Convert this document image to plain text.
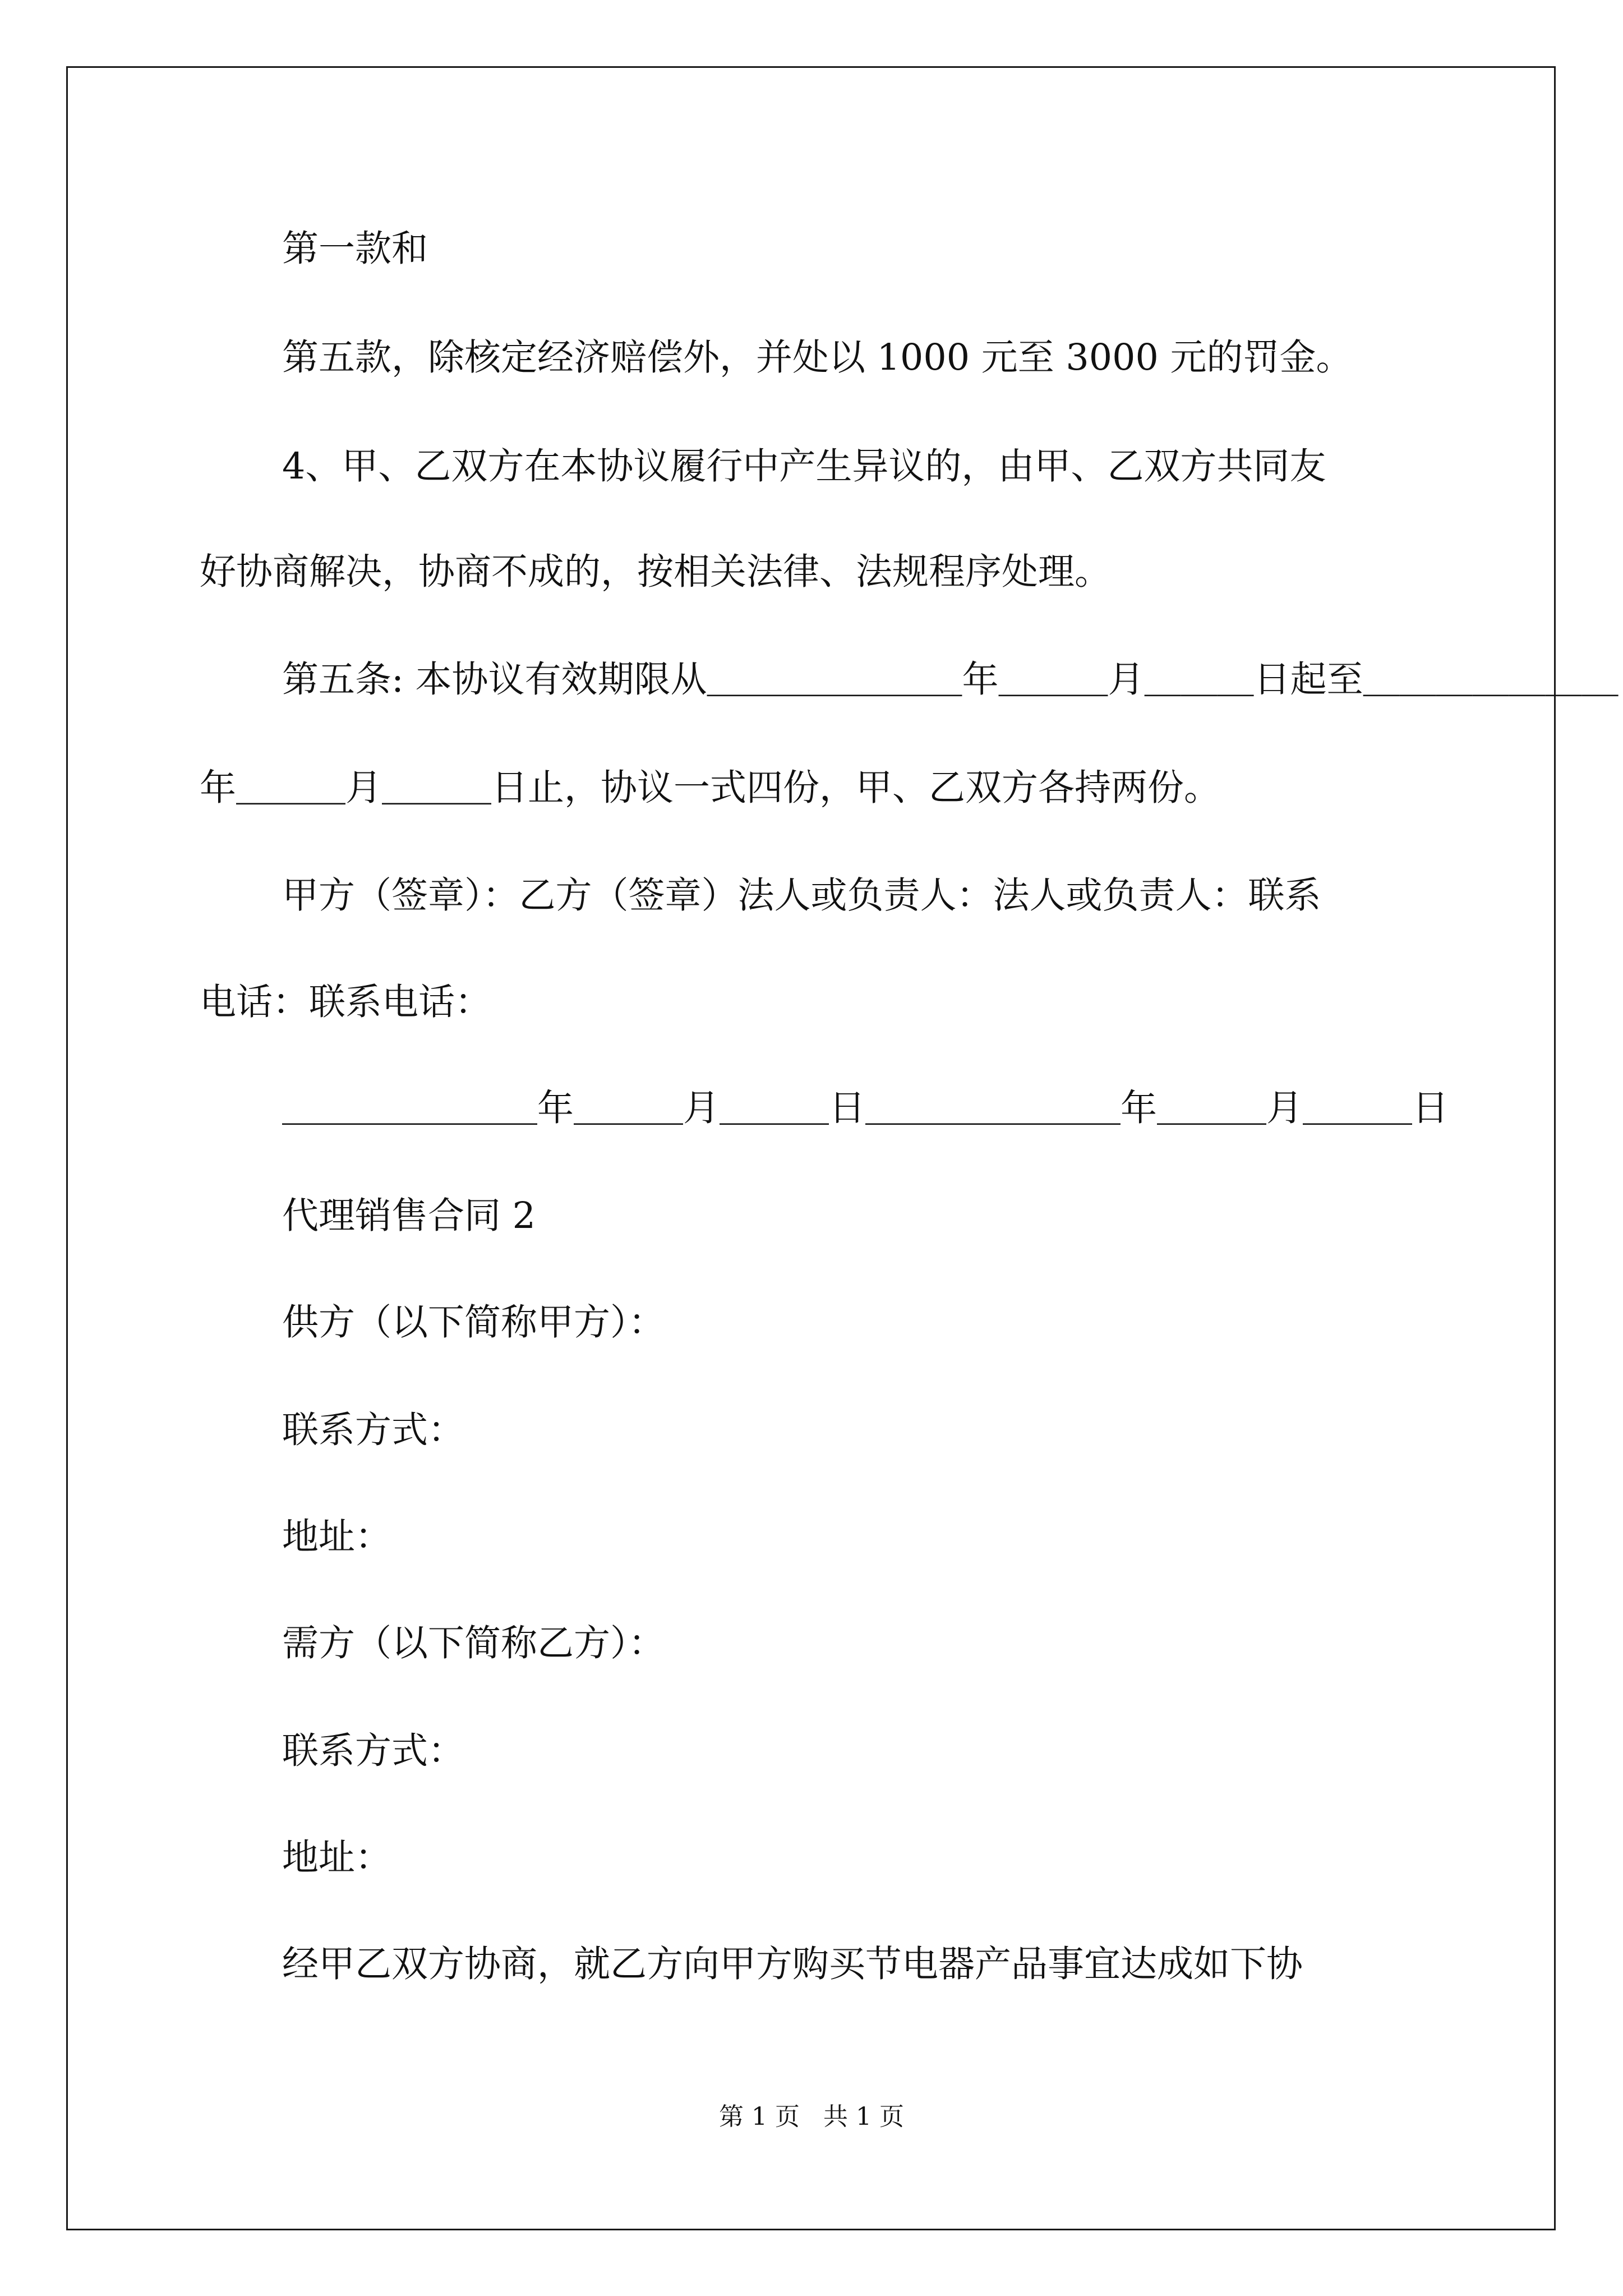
第一款和
第五款，除核定经济赔偿外，并处以 1000 元至 3000 元的罚金。
4、甲、乙双方在本协议履行中产生异议的，由甲、乙双方共同友
好协商解决，协商不成的，按相关法律、法规程序处理。
第五条: 本协议有效期限从＿＿＿＿＿＿＿年＿＿＿月＿＿＿日起至＿＿＿＿＿＿＿
年＿＿＿月＿＿＿日止，协议一式四份，甲、乙双方各持两份。
甲方（签章）：乙方（签章）法人或负责人：法人或负责人：联系
电话：联系电话：
＿＿＿＿＿＿＿年＿＿＿月＿＿＿日＿＿＿＿＿＿＿年＿＿＿月＿＿＿日
代理销售合同 2
供方（以下简称甲方）：
联系方式：
地址：
需方（以下简称乙方）：
联系方式：
地址：
经甲乙双方协商，就乙方向甲方购买节电器产品事宜达成如下协
第 1 页   共 1 页
